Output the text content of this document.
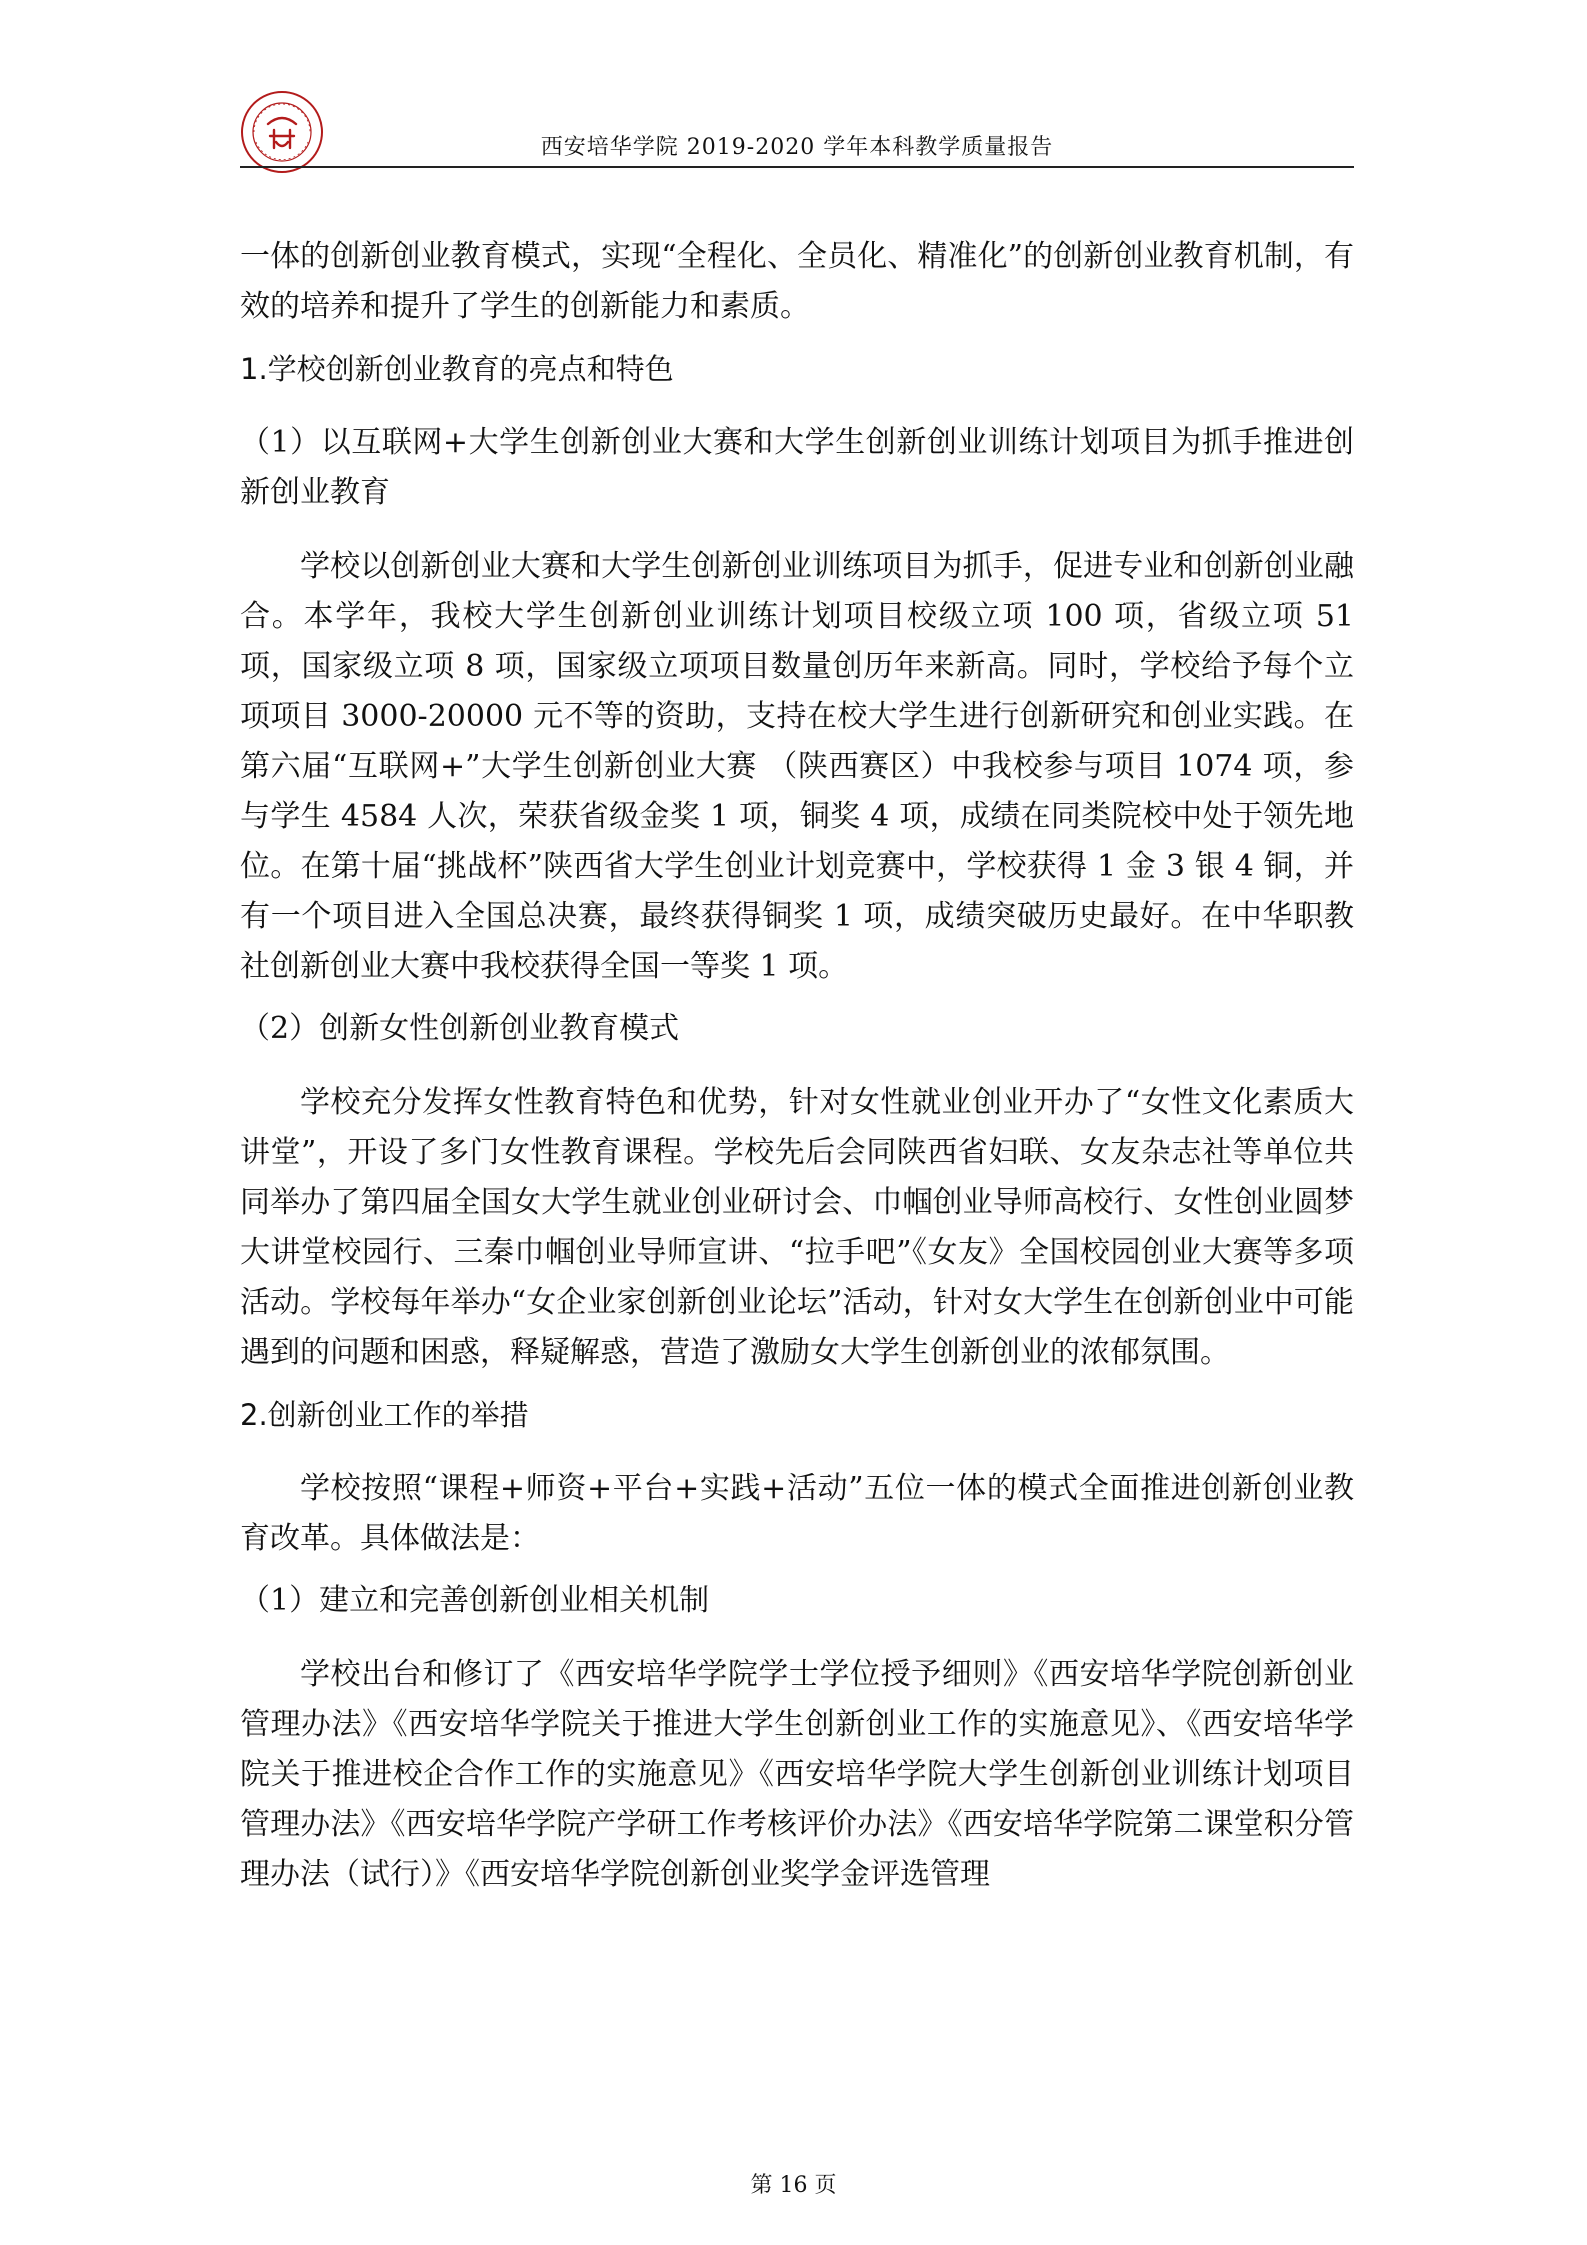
西安培华学院 2019-2020 学年本科教学质量报告

一体的创新创业教育模式，实现“全程化、全员化、精准化”的创新创业教育机制，有效的培养和提升了学生的创新能力和素质。

1.学校创新创业教育的亮点和特色

（1）以互联网+大学生创新创业大赛和大学生创新创业训练计划项目为抓手推进创新创业教育

学校以创新创业大赛和大学生创新创业训练项目为抓手，促进专业和创新创业融合。本学年，我校大学生创新创业训练计划项目校级立项 100 项，省级立项 51 项，国家级立项 8 项，国家级立项项目数量创历年来新高。同时，学校给予每个立项项目 3000-20000 元不等的资助，支持在校大学生进行创新研究和创业实践。在第六届“互联网+”大学生创新创业大赛 （陕西赛区）中我校参与项目 1074 项，参与学生 4584 人次，荣获省级金奖 1 项，铜奖 4 项，成绩在同类院校中处于领先地位。在第十届“挑战杯”陕西省大学生创业计划竞赛中，学校获得 1 金 3 银 4 铜，并有一个项目进入全国总决赛，最终获得铜奖 1 项，成绩突破历史最好。在中华职教社创新创业大赛中我校获得全国一等奖 1 项。

（2）创新女性创新创业教育模式

学校充分发挥女性教育特色和优势，针对女性就业创业开办了“女性文化素质大讲堂”，开设了多门女性教育课程。学校先后会同陕西省妇联、女友杂志社等单位共同举办了第四届全国女大学生就业创业研讨会、巾帼创业导师高校行、女性创业圆梦大讲堂校园行、三秦巾帼创业导师宣讲、“拉手吧”《女友》全国校园创业大赛等多项活动。学校每年举办“女企业家创新创业论坛”活动，针对女大学生在创新创业中可能遇到的问题和困惑，释疑解惑，营造了激励女大学生创新创业的浓郁氛围。

2.创新创业工作的举措

学校按照“课程+师资+平台+实践+活动”五位一体的模式全面推进创新创业教育改革。具体做法是：

（1）建立和完善创新创业相关机制

学校出台和修订了《西安培华学院学士学位授予细则》《西安培华学院创新创业管理办法》《西安培华学院关于推进大学生创新创业工作的实施意见》、《西安培华学院关于推进校企合作工作的实施意见》《西安培华学院大学生创新创业训练计划项目管理办法》《西安培华学院产学研工作考核评价办法》《西安培华学院第二课堂积分管理办法（试行）》《西安培华学院创新创业奖学金评选管理

第 16 页
